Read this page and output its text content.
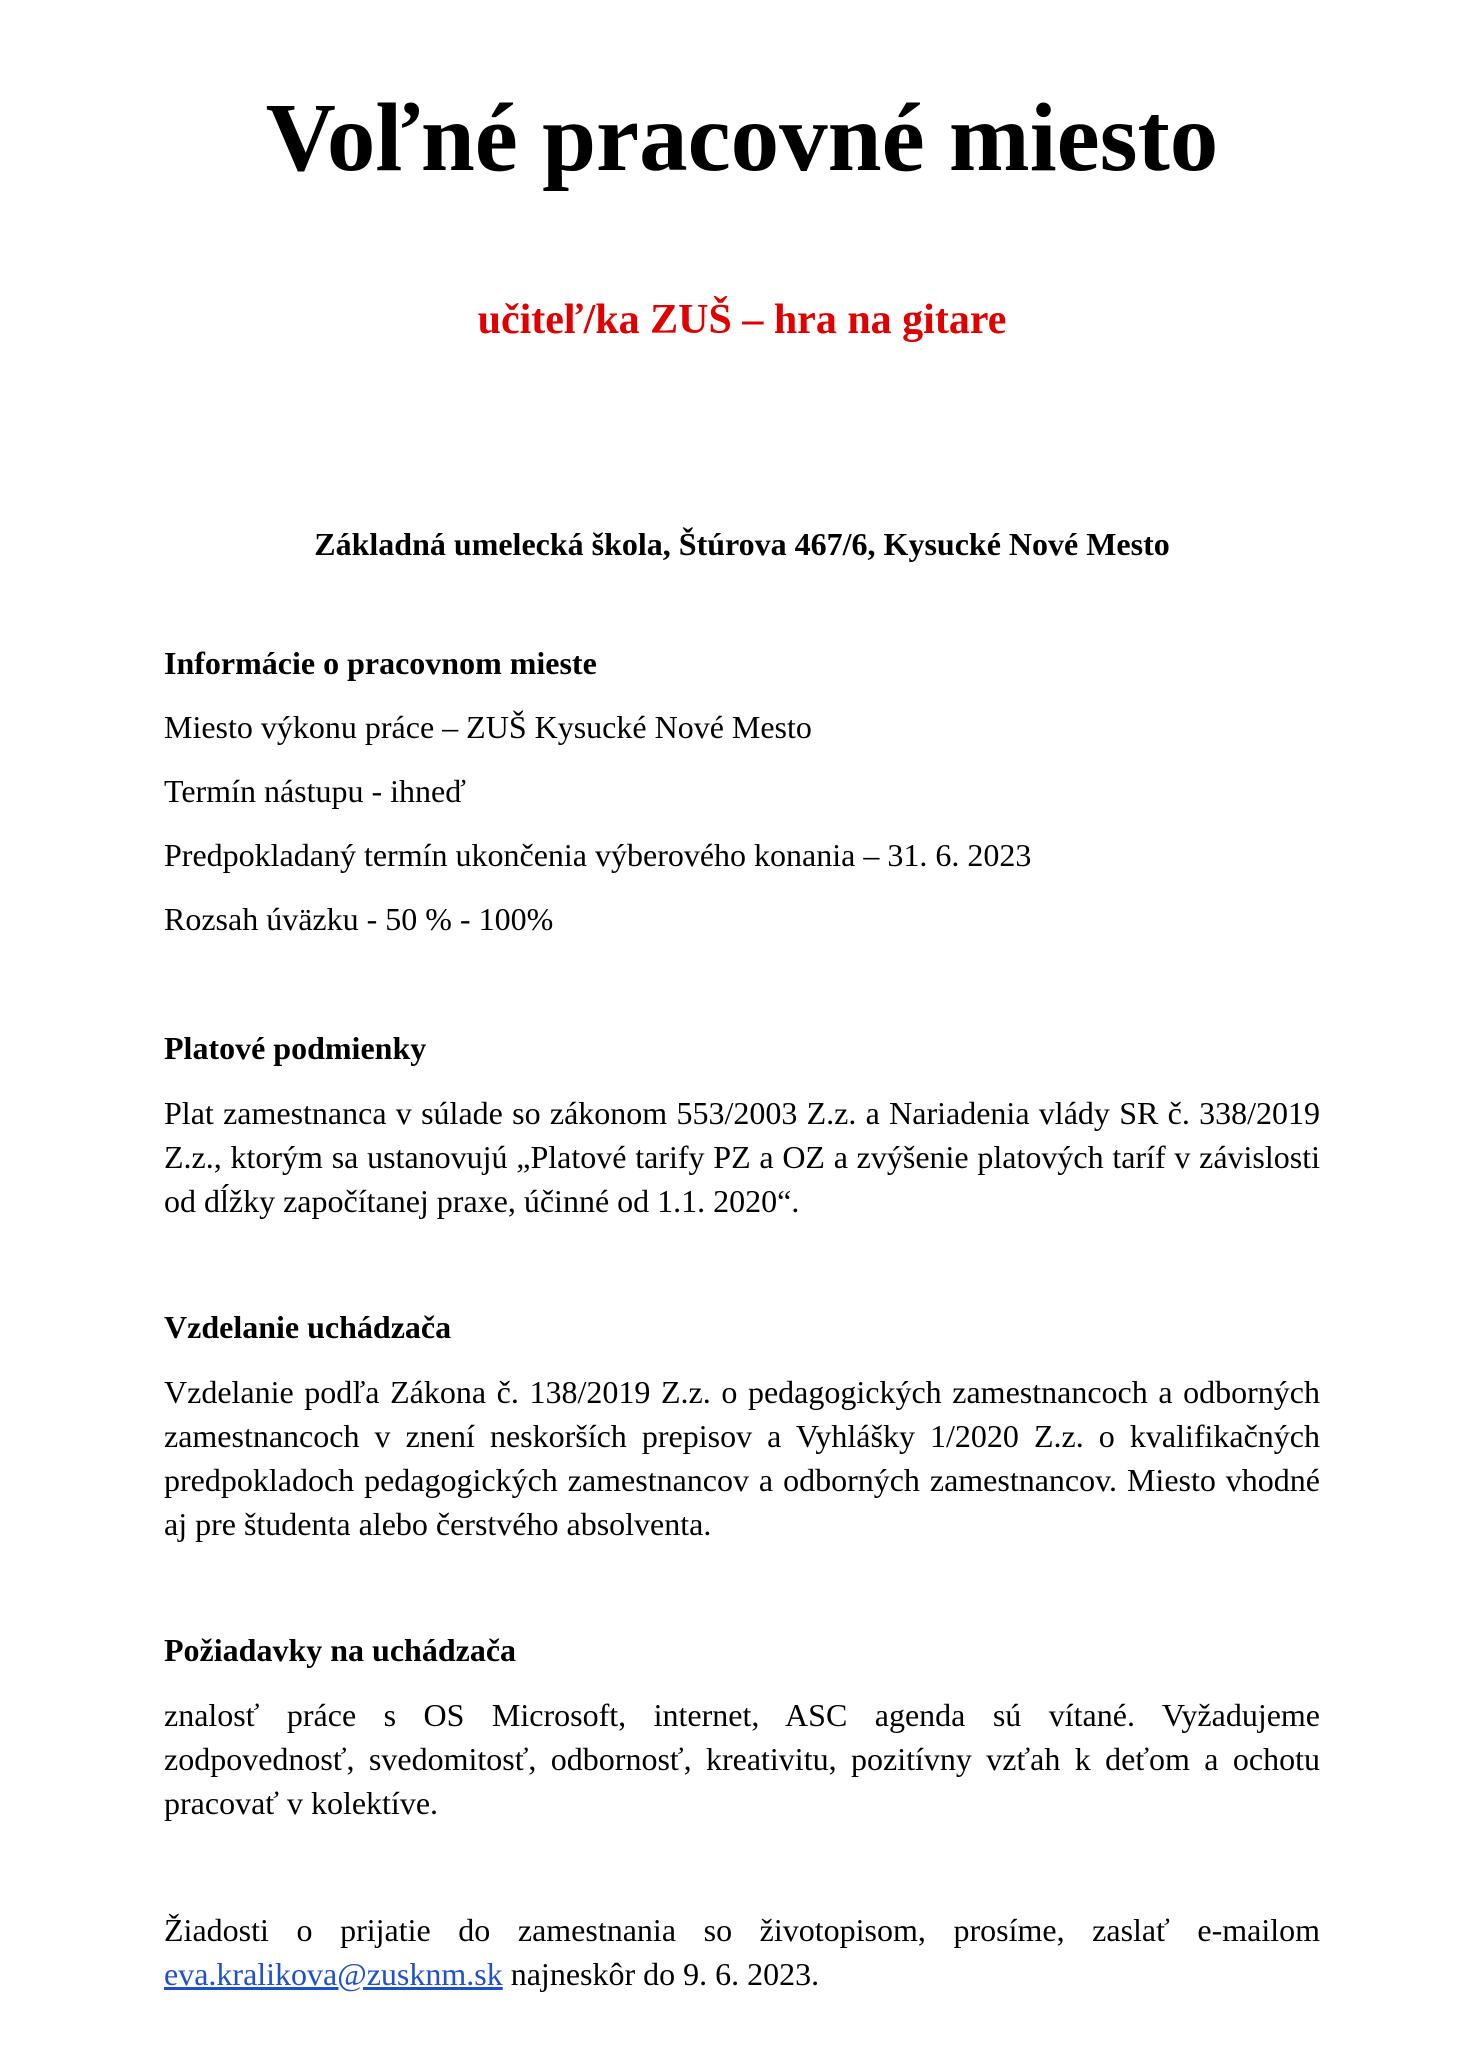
Voľné pracovné miesto
učiteľ/ka ZUŠ – hra na gitare

Základná umelecká škola, Štúrova 467/6, Kysucké Nové Mesto

Informácie o pracovnom mieste

Miesto výkonu práce – ZUŠ Kysucké Nové Mesto

Termín nástupu - ihneď

Predpokladaný termín ukončenia výberového konania – 31. 6. 2023

Rozsah úväzku - 50 % - 100%

Platové podmienky

Plat zamestnanca v súlade so zákonom 553/2003 Z.z. a Nariadenia vlády SR č. 338/2019 Z.z., ktorým sa ustanovujú „Platové tarify PZ a OZ a zvýšenie platových taríf v závislosti od dĺžky započítanej praxe, účinné od 1.1. 2020“.

Vzdelanie uchádzača

Vzdelanie podľa Zákona č. 138/2019 Z.z. o pedagogických zamestnancoch a odborných zamestnancoch v znení neskorších prepisov a Vyhlášky 1/2020 Z.z. o kvalifikačných predpokladoch pedagogických zamestnancov a odborných zamestnancov. Miesto vhodné aj pre študenta alebo čerstvého absolventa.

Požiadavky na uchádzača

znalosť práce s OS Microsoft, internet, ASC agenda sú vítané. Vyžadujeme zodpovednosť, svedomitosť, odbornosť, kreativitu, pozitívny vzťah k deťom a ochotu pracovať v kolektíve.

Žiadosti o prijatie do zamestnania so životopisom, prosíme, zaslať e-mailom eva.kralikova@zusknm.sk najneskôr do 9. 6. 2023.
